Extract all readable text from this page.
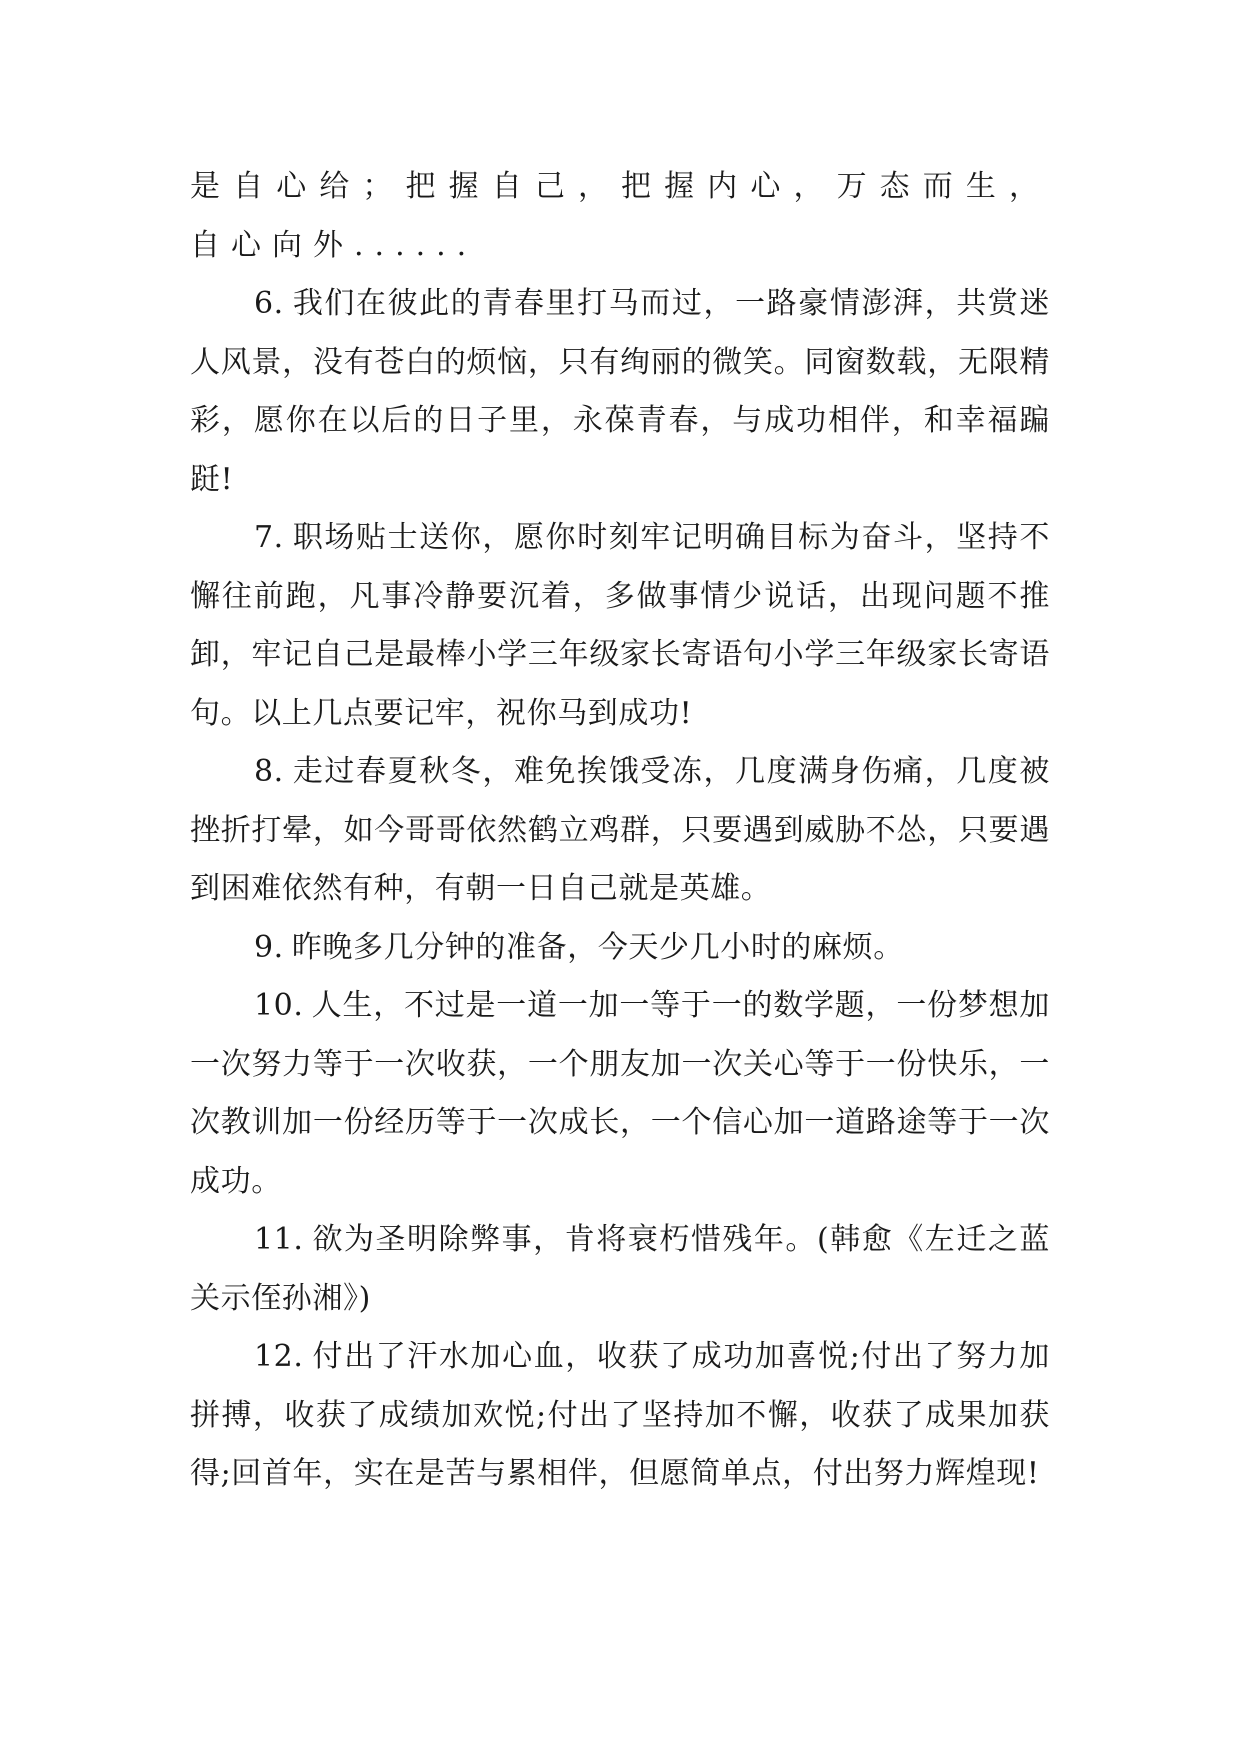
是自心给；把握自己，把握内心，万态而生，自心向外......

6. 我们在彼此的青春里打马而过，一路豪情澎湃，共赏迷人风景，没有苍白的烦恼，只有绚丽的微笑。同窗数载，无限精彩，愿你在以后的日子里，永葆青春，与成功相伴，和幸福蹁跹!

7. 职场贴士送你，愿你时刻牢记明确目标为奋斗，坚持不懈往前跑，凡事冷静要沉着，多做事情少说话，出现问题不推卸，牢记自己是最棒小学三年级家长寄语句小学三年级家长寄语句。以上几点要记牢，祝你马到成功!

8. 走过春夏秋冬，难免挨饿受冻，几度满身伤痛，几度被挫折打晕，如今哥哥依然鹤立鸡群，只要遇到威胁不怂，只要遇到困难依然有种，有朝一日自己就是英雄。

9. 昨晚多几分钟的准备，今天少几小时的麻烦。

10. 人生，不过是一道一加一等于一的数学题，一份梦想加一次努力等于一次收获，一个朋友加一次关心等于一份快乐，一次教训加一份经历等于一次成长，一个信心加一道路途等于一次成功。

11. 欲为圣明除弊事，肯将衰朽惜残年。(韩愈《左迁之蓝关示侄孙湘》)

12. 付出了汗水加心血，收获了成功加喜悦;付出了努力加拼搏，收获了成绩加欢悦;付出了坚持加不懈，收获了成果加获得;回首年，实在是苦与累相伴，但愿简单点，付出努力辉煌现!
